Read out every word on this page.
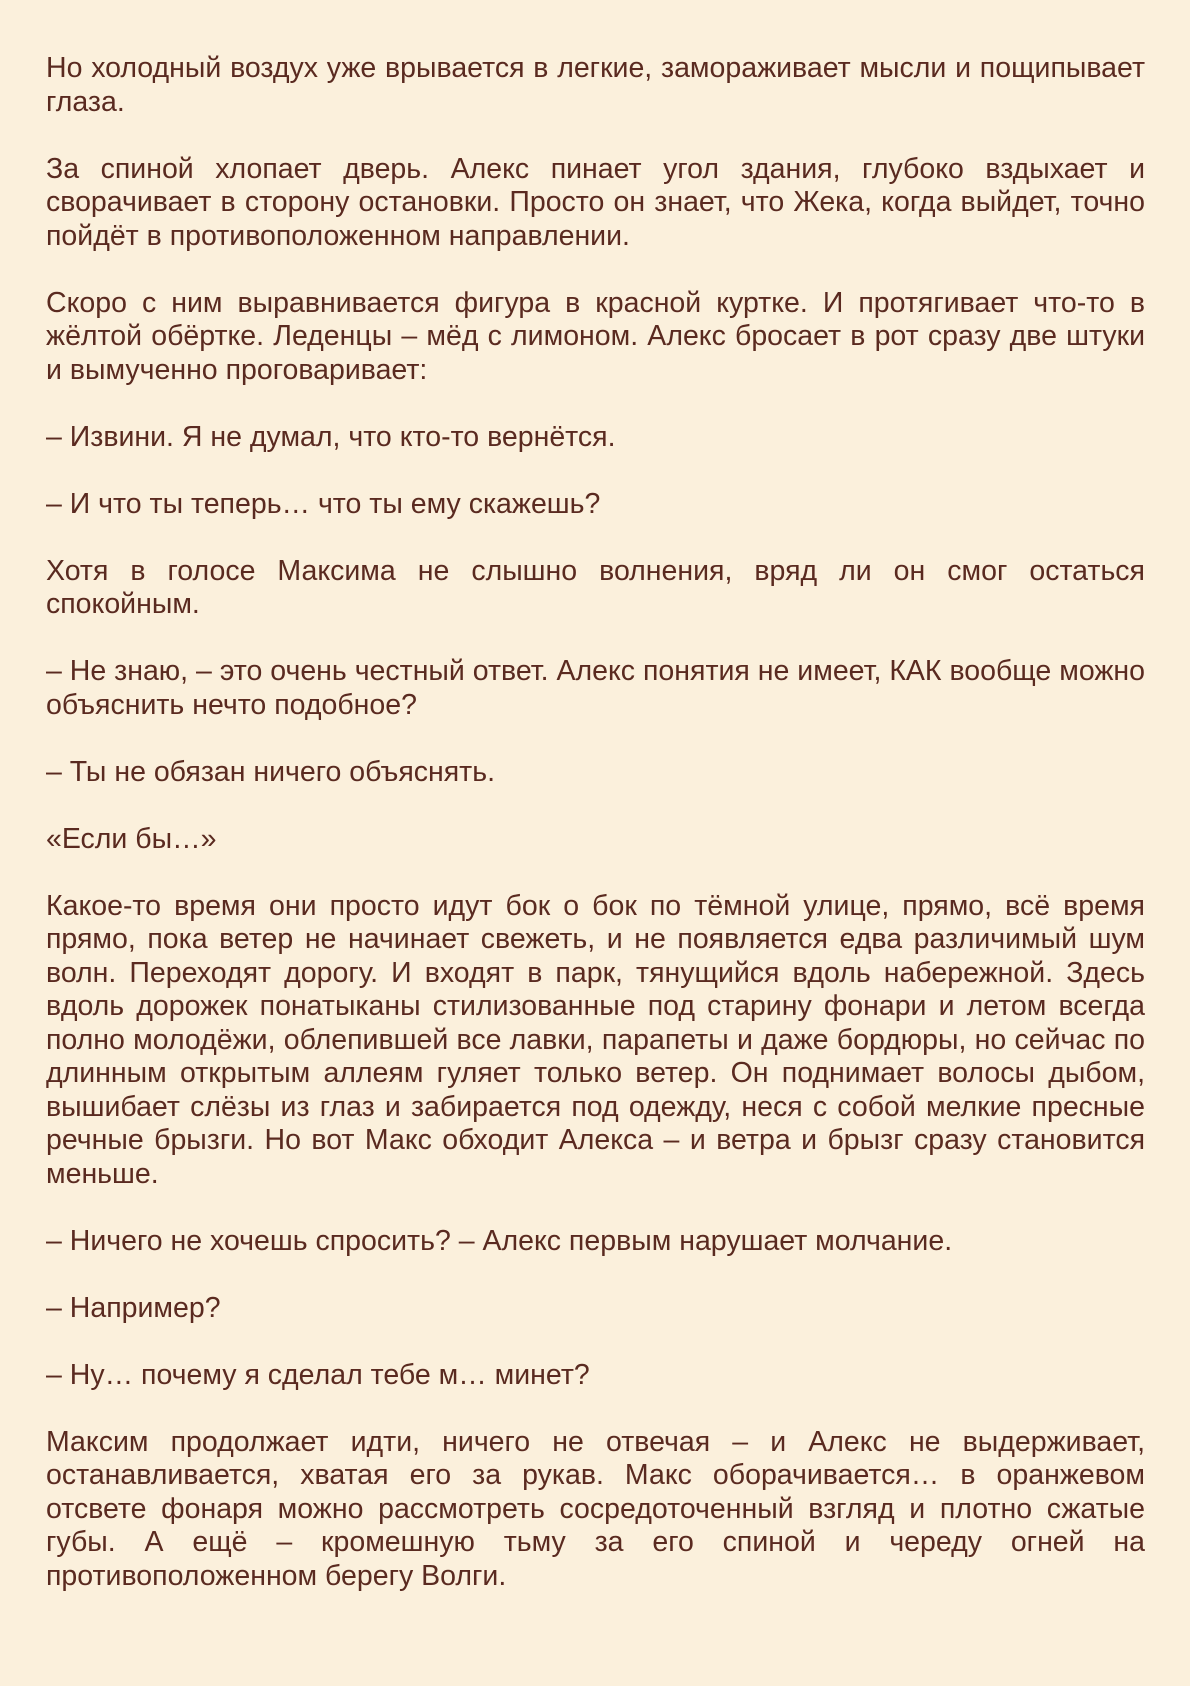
Но холодный воздух уже врывается в легкие, замораживает мысли и пощипывает глаза.

За спиной хлопает дверь. Алекс пинает угол здания, глубоко вздыхает и сворачивает в сторону остановки. Просто он знает, что Жека, когда выйдет, точно пойдёт в противоположенном направлении.

Скоро с ним выравнивается фигура в красной куртке. И протягивает что-то в жёлтой обёртке. Леденцы – мёд с лимоном. Алекс бросает в рот сразу две штуки и вымученно проговаривает:

– Извини. Я не думал, что кто-то вернётся.

– И что ты теперь… что ты ему скажешь?

Хотя в голосе Максима не слышно волнения, вряд ли он смог остаться спокойным.

– Не знаю, – это очень честный ответ. Алекс понятия не имеет, КАК вообще можно объяснить нечто подобное?

– Ты не обязан ничего объяснять.

«Если бы…»

Какое-то время они просто идут бок о бок по тёмной улице, прямо, всё время прямо, пока ветер не начинает свежеть, и не появляется едва различимый шум волн. Переходят дорогу. И входят в парк, тянущийся вдоль набережной. Здесь вдоль дорожек понатыканы стилизованные под старину фонари и летом всегда полно молодёжи, облепившей все лавки, парапеты и даже бордюры, но сейчас по длинным открытым аллеям гуляет только ветер. Он поднимает волосы дыбом, вышибает слёзы из глаз и забирается под одежду, неся с собой мелкие пресные речные брызги. Но вот Макс обходит Алекса – и ветра и брызг сразу становится меньше.

– Ничего не хочешь спросить? – Алекс первым нарушает молчание.

– Например?

– Ну… почему я сделал тебе м… минет?

Максим продолжает идти, ничего не отвечая – и Алекс не выдерживает, останавливается, хватая его за рукав. Макс оборачивается… в оранжевом отсвете фонаря можно рассмотреть сосредоточенный взгляд и плотно сжатые губы. А ещё – кромешную тьму за его спиной и череду огней на противоположенном берегу Волги.
